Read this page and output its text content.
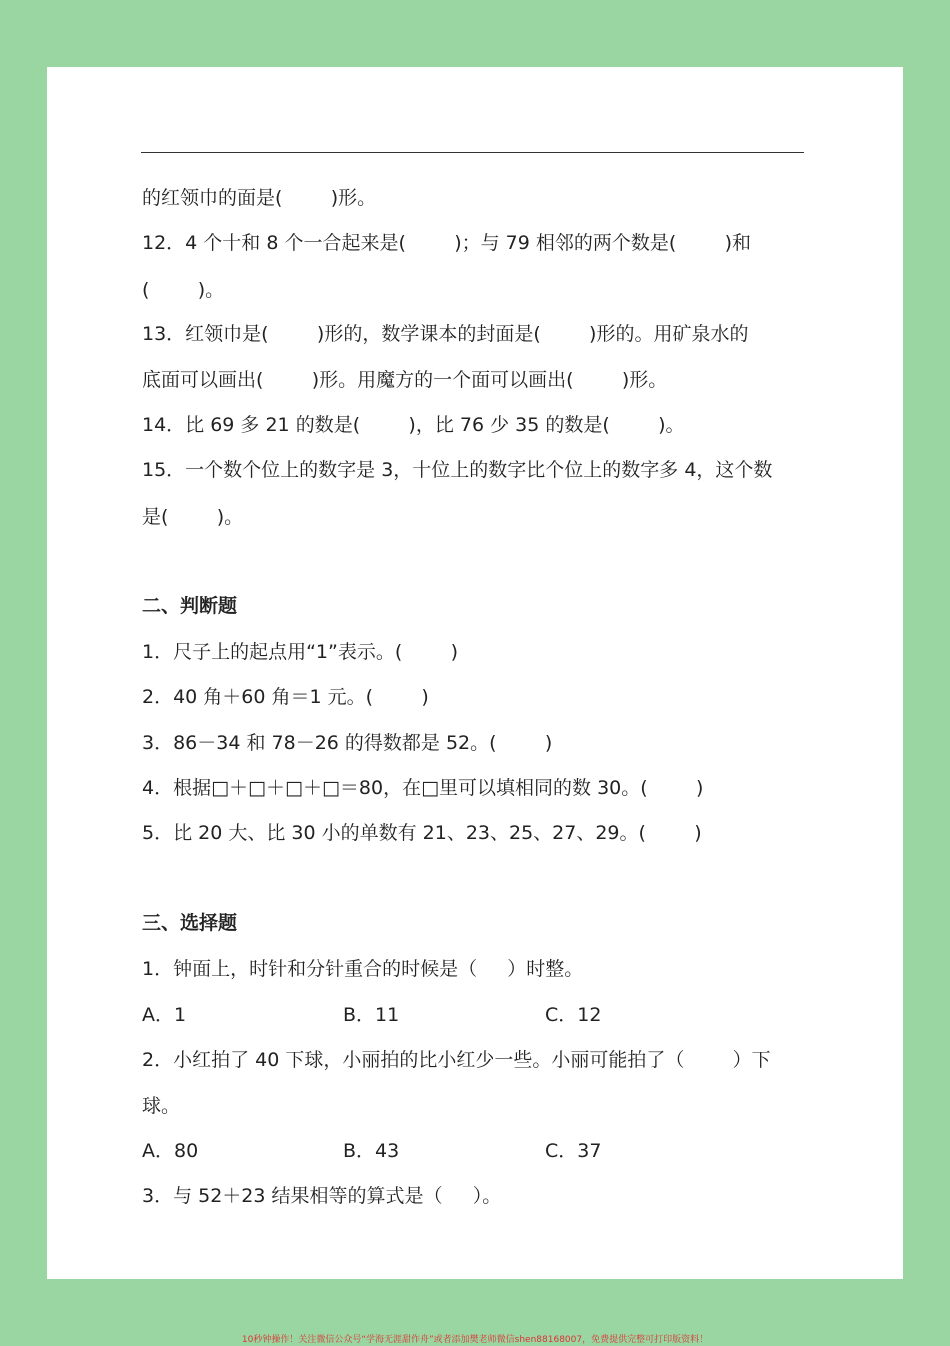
的红领巾的面是(        )形。
12．4 个十和 8 个一合起来是(        )；与 79 相邻的两个数是(        )和
(        )。
13．红领巾是(        )形的，数学课本的封面是(        )形的。用矿泉水的
底面可以画出(        )形。用魔方的一个面可以画出(        )形。
14．比 69 多 21 的数是(        )，比 76 少 35 的数是(        )。
15．一个数个位上的数字是 3，十位上的数字比个位上的数字多 4，这个数
是(        )。
二、判断题
1．尺子上的起点用“1”表示。(        )
2．40 角＋60 角＝1 元。(        )
3．86－34 和 78－26 的得数都是 52。(        )
4．根据□＋□＋□＋□＝80，在□里可以填相同的数 30。(        )
5．比 20 大、比 30 小的单数有 21、23、25、27、29。(        )
三、选择题
1．钟面上，时针和分针重合的时候是（     ）时整。
A．1	B．11	C．12
2．小红拍了 40 下球，小丽拍的比小红少一些。小丽可能拍了（        ）下
球。
A．80	B．43	C．37
3．与 52＋23 结果相等的算式是（     ）。
10秒钟操作！关注微信公众号“学海无涯甜作舟”或者添加樊老师微信shen88168007，免费提供完整可打印版资料！
